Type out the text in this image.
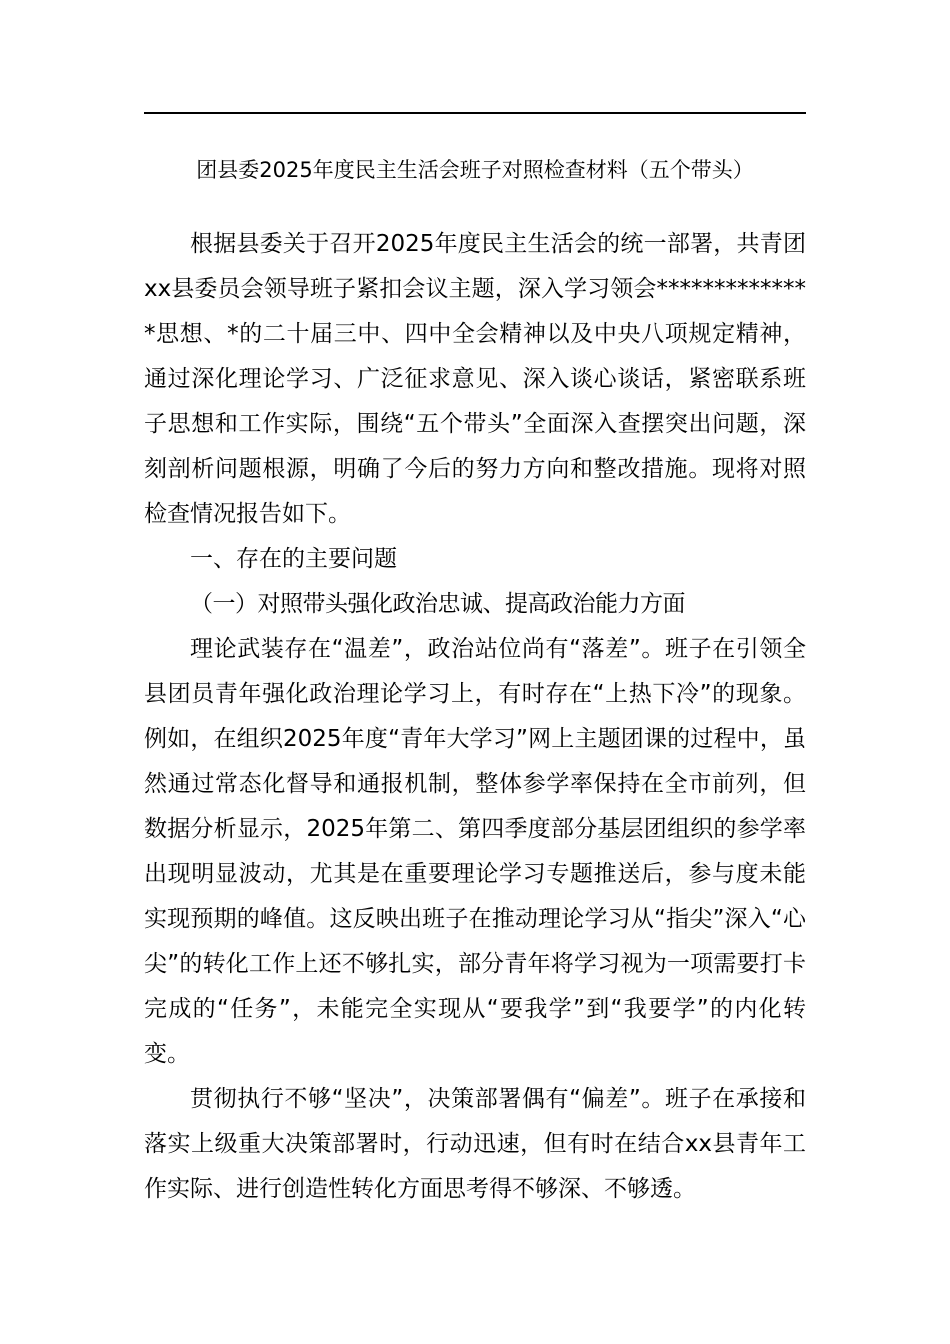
团县委2025年度民主生活会班子对照检查材料（五个带头）

根据县委关于召开2025年度民主生活会的统一部署，共青团xx县委员会领导班子紧扣会议主题，深入学习领会**************思想、*的二十届三中、四中全会精神以及中央八项规定精神，通过深化理论学习、广泛征求意见、深入谈心谈话，紧密联系班子思想和工作实际，围绕“五个带头”全面深入查摆突出问题，深刻剖析问题根源，明确了今后的努力方向和整改措施。现将对照检查情况报告如下。

一、存在的主要问题

（一）对照带头强化政治忠诚、提高政治能力方面

理论武装存在“温差”，政治站位尚有“落差”。班子在引领全县团员青年强化政治理论学习上，有时存在“上热下冷”的现象。例如，在组织2025年度“青年大学习”网上主题团课的过程中，虽然通过常态化督导和通报机制，整体参学率保持在全市前列，但数据分析显示，2025年第二、第四季度部分基层团组织的参学率出现明显波动，尤其是在重要理论学习专题推送后，参与度未能实现预期的峰值。这反映出班子在推动理论学习从“指尖”深入“心尖”的转化工作上还不够扎实，部分青年将学习视为一项需要打卡完成的“任务”，未能完全实现从“要我学”到“我要学”的内化转变。

贯彻执行不够“坚决”，决策部署偶有“偏差”。班子在承接和落实上级重大决策部署时，行动迅速，但有时在结合xx县青年工作实际、进行创造性转化方面思考得不够深、不够透。
